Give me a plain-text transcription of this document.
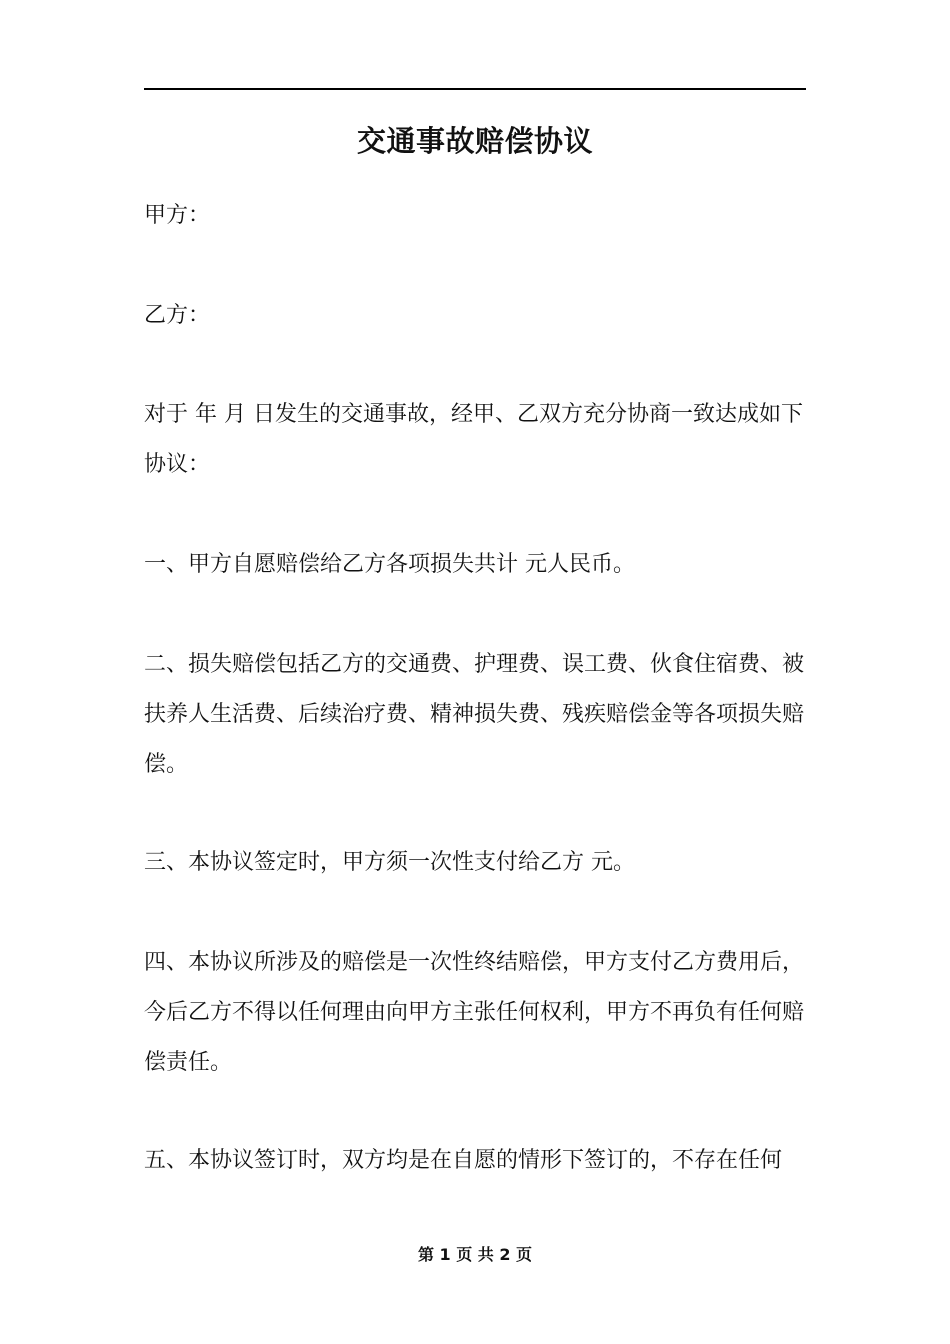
交通事故赔偿协议

甲方：

乙方：

对于 年 月 日发生的交通事故，经甲、乙双方充分协商一致达成如下协议：

一、甲方自愿赔偿给乙方各项损失共计 元人民币。

二、损失赔偿包括乙方的交通费、护理费、误工费、伙食住宿费、被扶养人生活费、后续治疗费、精神损失费、残疾赔偿金等各项损失赔偿。

三、本协议签定时，甲方须一次性支付给乙方 元。

四、本协议所涉及的赔偿是一次性终结赔偿，甲方支付乙方费用后，今后乙方不得以任何理由向甲方主张任何权利，甲方不再负有任何赔偿责任。

五、本协议签订时，双方均是在自愿的情形下签订的，不存在任何

第 1 页 共 2 页
